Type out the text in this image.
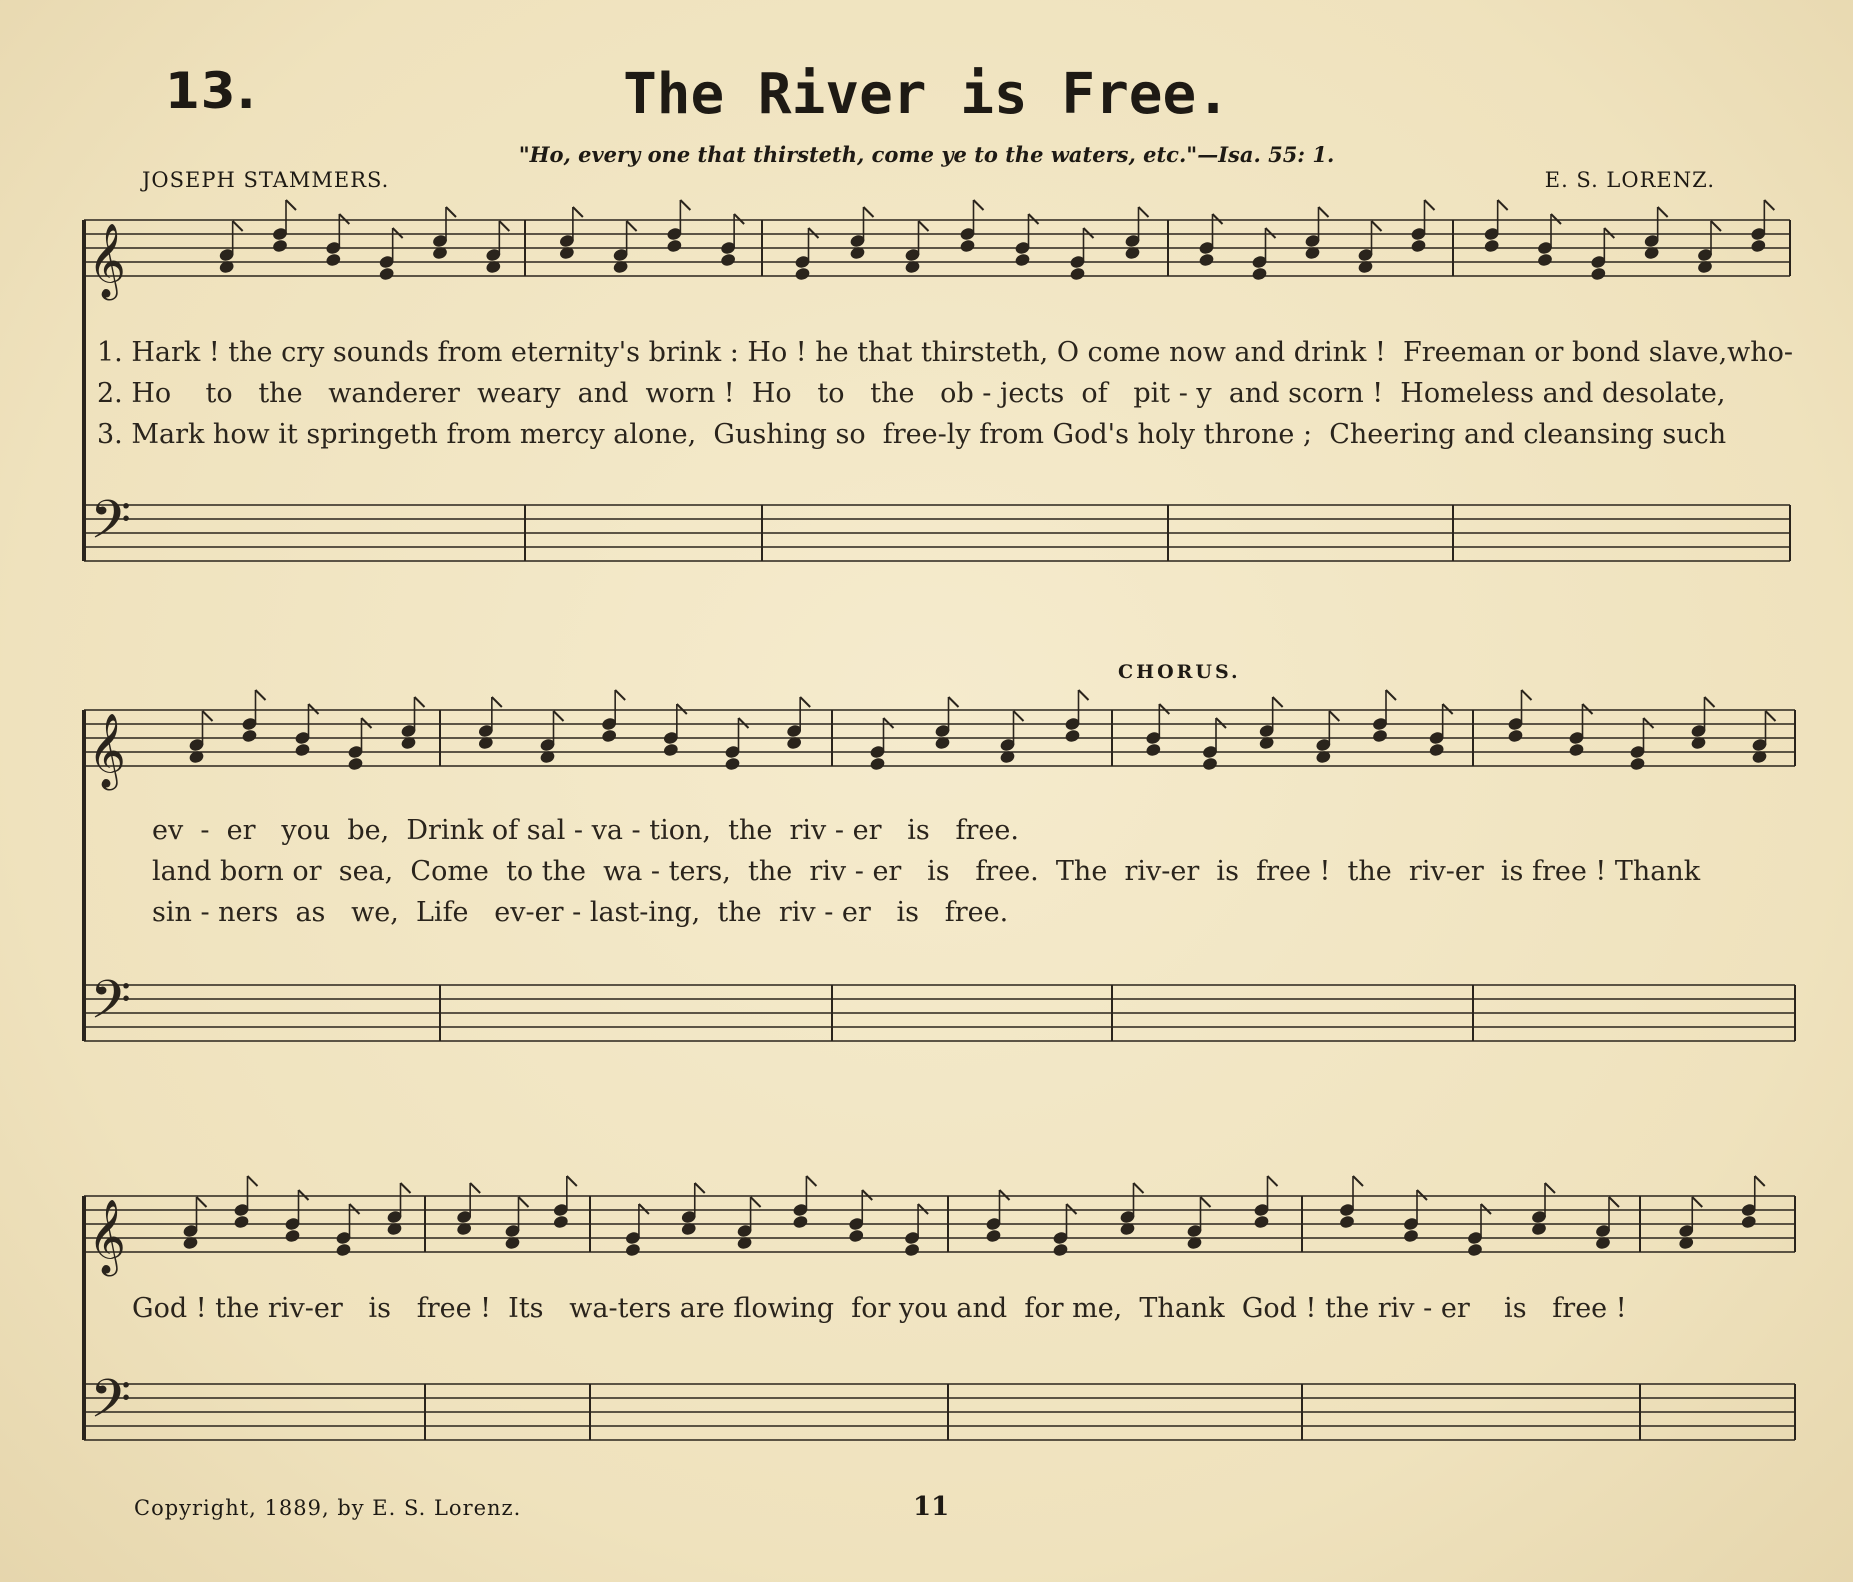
13.	The River is Free.
"Ho, every one that thirsteth, come ye to the waters, etc."—Isa. 55: 1.
JOSEPH STAMMERS.	E. S. LORENZ.
𝄞
𝄢
𝄞
𝄢
𝄞
𝄢
1. Hark ! the cry sounds from eternity's brink : Ho ! he that thirsteth, O come now and drink !  Freeman or bond slave,who-
2. Ho    to   the   wanderer  weary  and  worn !  Ho   to   the   ob - jects  of   pit - y  and scorn !  Homeless and desolate,
3. Mark how it springeth from mercy alone,  Gushing so  free-ly from God's holy throne ;  Cheering and cleansing such
CHORUS.
ev  -  er   you  be,  Drink of sal - va - tion,  the  riv - er   is   free.
land born or  sea,  Come  to the  wa - ters,  the  riv - er   is   free.  The  riv-er  is  free !  the  riv-er  is free ! Thank
sin - ners  as   we,  Life   ev-er - last-ing,  the  riv - er   is   free.
God ! the riv-er   is   free !  Its   wa-ters are flowing  for you and  for me,  Thank  God ! the riv - er    is   free !
Copyright, 1889, by E. S. Lorenz.	11
